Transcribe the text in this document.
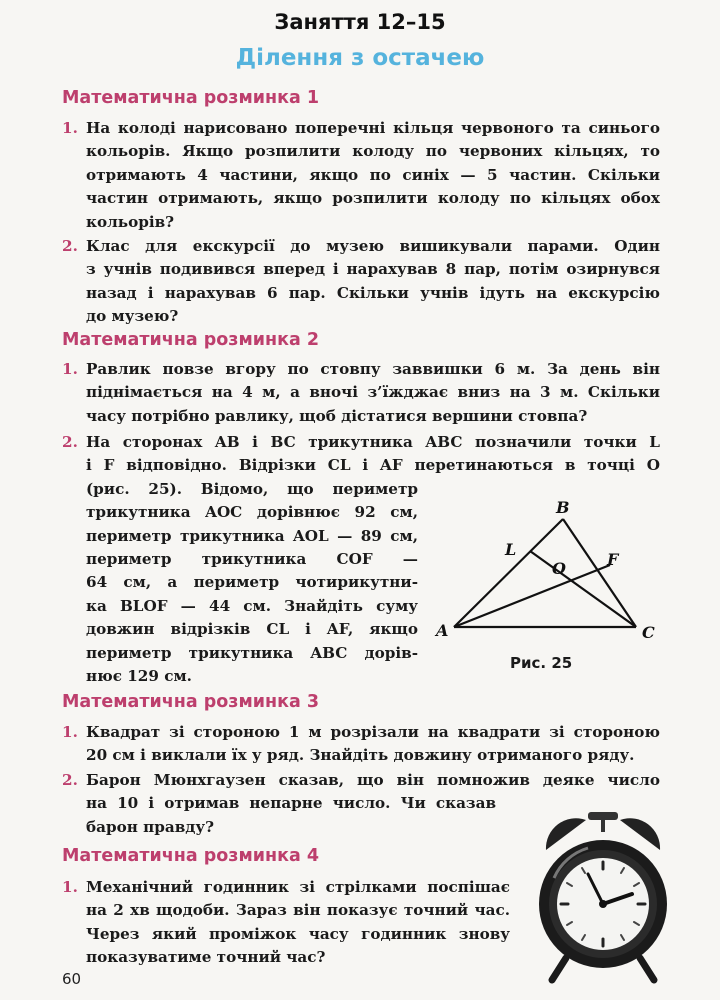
Заняття 12–15
Ділення з остачею
Математична розминка 1
1. На колоді нарисовано поперечні кільця червоного та синього
кольорів. Якщо розпилити колоду по червоних кільцях, то
отримають 4 частини, якщо по синіх — 5 частин. Скільки
частин отримають, якщо розпилити колоду по кільцях обох
кольорів?
2. Клас для екскурсії до музею вишикували парами. Один
з учнів подивився вперед і нарахував 8 пар, потім озирнувся
назад і нарахував 6 пар. Скільки учнів ідуть на екскурсію
до музею?
Математична розминка 2
1. Равлик повзе вгору по стовпу заввишки 6 м. За день він
піднімається на 4 м, а вночі з’їжджає вниз на 3 м. Скільки
часу потрібно равлику, щоб дістатися вершини стовпа?
2. На сторонах AB і BC трикутника ABC позначили точки L
і F відповідно. Відрізки CL і AF перетинаються в точці O
(рис. 25). Відомо, що периметр
трикутника AOC дорівнює 92 см,
периметр трикутника AOL — 89 см,
периметр трикутника COF —
64 см, а периметр чотирикутни-
ка BLOF — 44 см. Знайдіть суму
довжин відрізків CL і AF, якщо
периметр трикутника ABC дорів-
нює 129 см.
B
L
O	F
A	C
Рис. 25
Математична розминка 3
1. Квадрат зі стороною 1 м розрізали на квадрати зі стороною
20 см і виклали їх у ряд. Знайдіть довжину отриманого ряду.
2. Барон Мюнхгаузен сказав, що він помножив деяке число
на 10 і отримав непарне число. Чи сказав
барон правду?
Математична розминка 4
1. Механічний годинник зі стрілками поспішає
на 2 хв щодоби. Зараз він показує точний час.
Через який проміжок часу годинник знову
показуватиме точний час?
60
